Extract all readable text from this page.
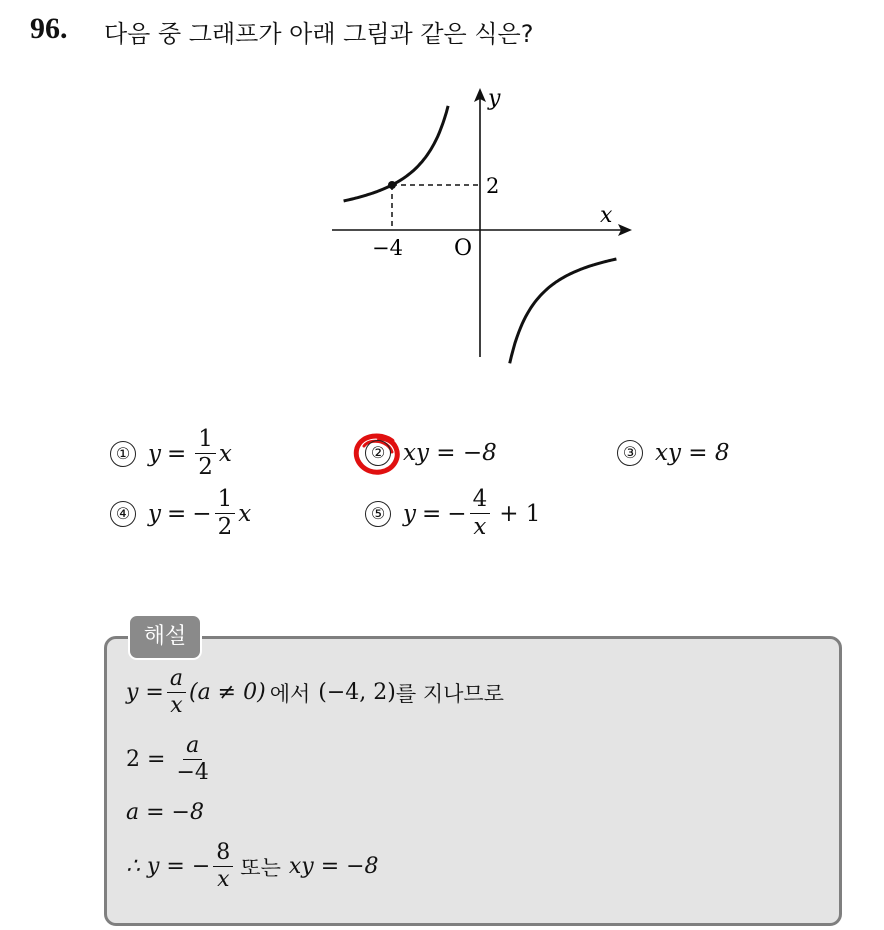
96. 다음 중 그래프가 아래 그림과 같은 식은?
y
x
O
−4
2
① $y = \frac{1}{2}$ x	② xy = −8	③ xy = 8
④ y = − $\frac{1}{2}$ x	⑤ y = − $\frac{4}{x} + 1$
해설
$y = \frac{a}{x} (a \ne 0)$ 에서 (−4, 2) 를 지나므로
$2 = \frac{a}{-4}$
a = −8
∴ y = − $\frac{8}{x}$ 또는 xy = −8
